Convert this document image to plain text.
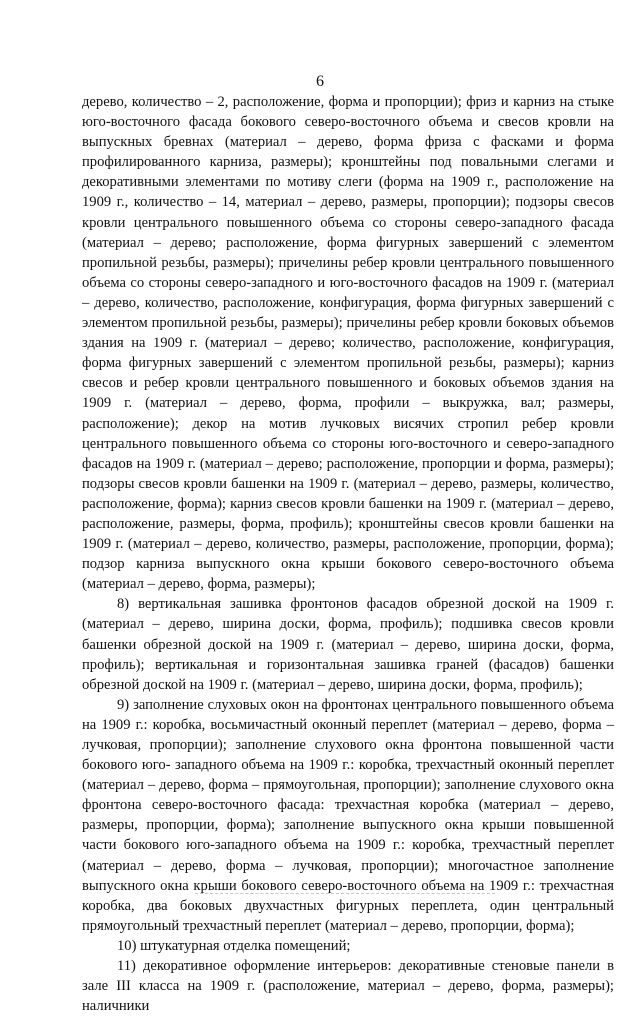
6

дерево, количество – 2, расположение, форма и пропорции); фриз и карниз на стыке юго-восточного фасада бокового северо-восточного объема и свесов кровли на выпускных бревнах (материал – дерево, форма фриза с фасками и форма профилированного карниза, размеры); кронштейны под повальными слегами и декоративными элементами по мотиву слеги (форма на 1909 г., расположение на 1909 г., количество – 14, материал – дерево, размеры, пропорции); подзоры свесов кровли центрального повышенного объема со стороны северо-западного фасада (материал – дерево; расположение, форма фигурных завершений с элементом пропильной резьбы, размеры); причелины ребер кровли центрального повышенного объема со стороны северо-западного и юго-восточного фасадов на 1909 г. (материал – дерево, количество, расположение, конфигурация, форма фигурных завершений с элементом пропильной резьбы, размеры); причелины ребер кровли боковых объемов здания на 1909 г. (материал – дерево; количество, расположение, конфигурация, форма фигурных завершений с элементом пропильной резьбы, размеры); карниз свесов и ребер кровли центрального повышенного и боковых объемов здания на 1909 г. (материал – дерево, форма, профили – выкружка, вал; размеры, расположение); декор на мотив лучковых висячих стропил ребер кровли центрального повышенного объема со стороны юго-восточного и северо-западного фасадов на 1909 г. (материал – дерево; расположение, пропорции и форма, размеры); подзоры свесов кровли башенки на 1909 г. (материал – дерево, размеры, количество, расположение, форма); карниз свесов кровли башенки на 1909 г. (материал – дерево, расположение, размеры, форма, профиль); кронштейны свесов кровли башенки на 1909 г. (материал – дерево, количество, размеры, расположение, пропорции, форма); подзор карниза выпускного окна крыши бокового северо-восточного объема (материал – дерево, форма, размеры);

8) вертикальная зашивка фронтонов фасадов обрезной доской на 1909 г. (материал – дерево, ширина доски, форма, профиль); подшивка свесов кровли башенки обрезной доской на 1909 г. (материал – дерево, ширина доски, форма, профиль); вертикальная и горизонтальная зашивка граней (фасадов) башенки обрезной доской на 1909 г. (материал – дерево, ширина доски, форма, профиль);

9) заполнение слуховых окон на фронтонах центрального повышенного объема на 1909 г.: коробка, восьмичастный оконный переплет (материал – дерево, форма – лучковая, пропорции); заполнение слухового окна фронтона повышенной части бокового юго- западного объема на 1909 г.: коробка, трехчастный оконный переплет (материал – дерево, форма – прямоугольная, пропорции); заполнение слухового окна фронтона северо-восточного фасада: трехчастная коробка (материал – дерево, размеры, пропорции, форма); заполнение выпускного окна крыши повышенной части бокового юго-западного объема на 1909 г.: коробка, трехчастный переплет (материал – дерево, форма – лучковая, пропорции); многочастное заполнение выпускного окна крыши бокового северо-восточного объема на 1909 г.: трехчастная коробка, два боковых двухчастных фигурных переплета, один центральный прямоугольный трехчастный переплет (материал – дерево, пропорции, форма);

10) штукатурная отделка помещений;

11) декоративное оформление интерьеров: декоративные стеновые панели в зале III класса на 1909 г. (расположение, материал – дерево, форма, размеры); наличники
